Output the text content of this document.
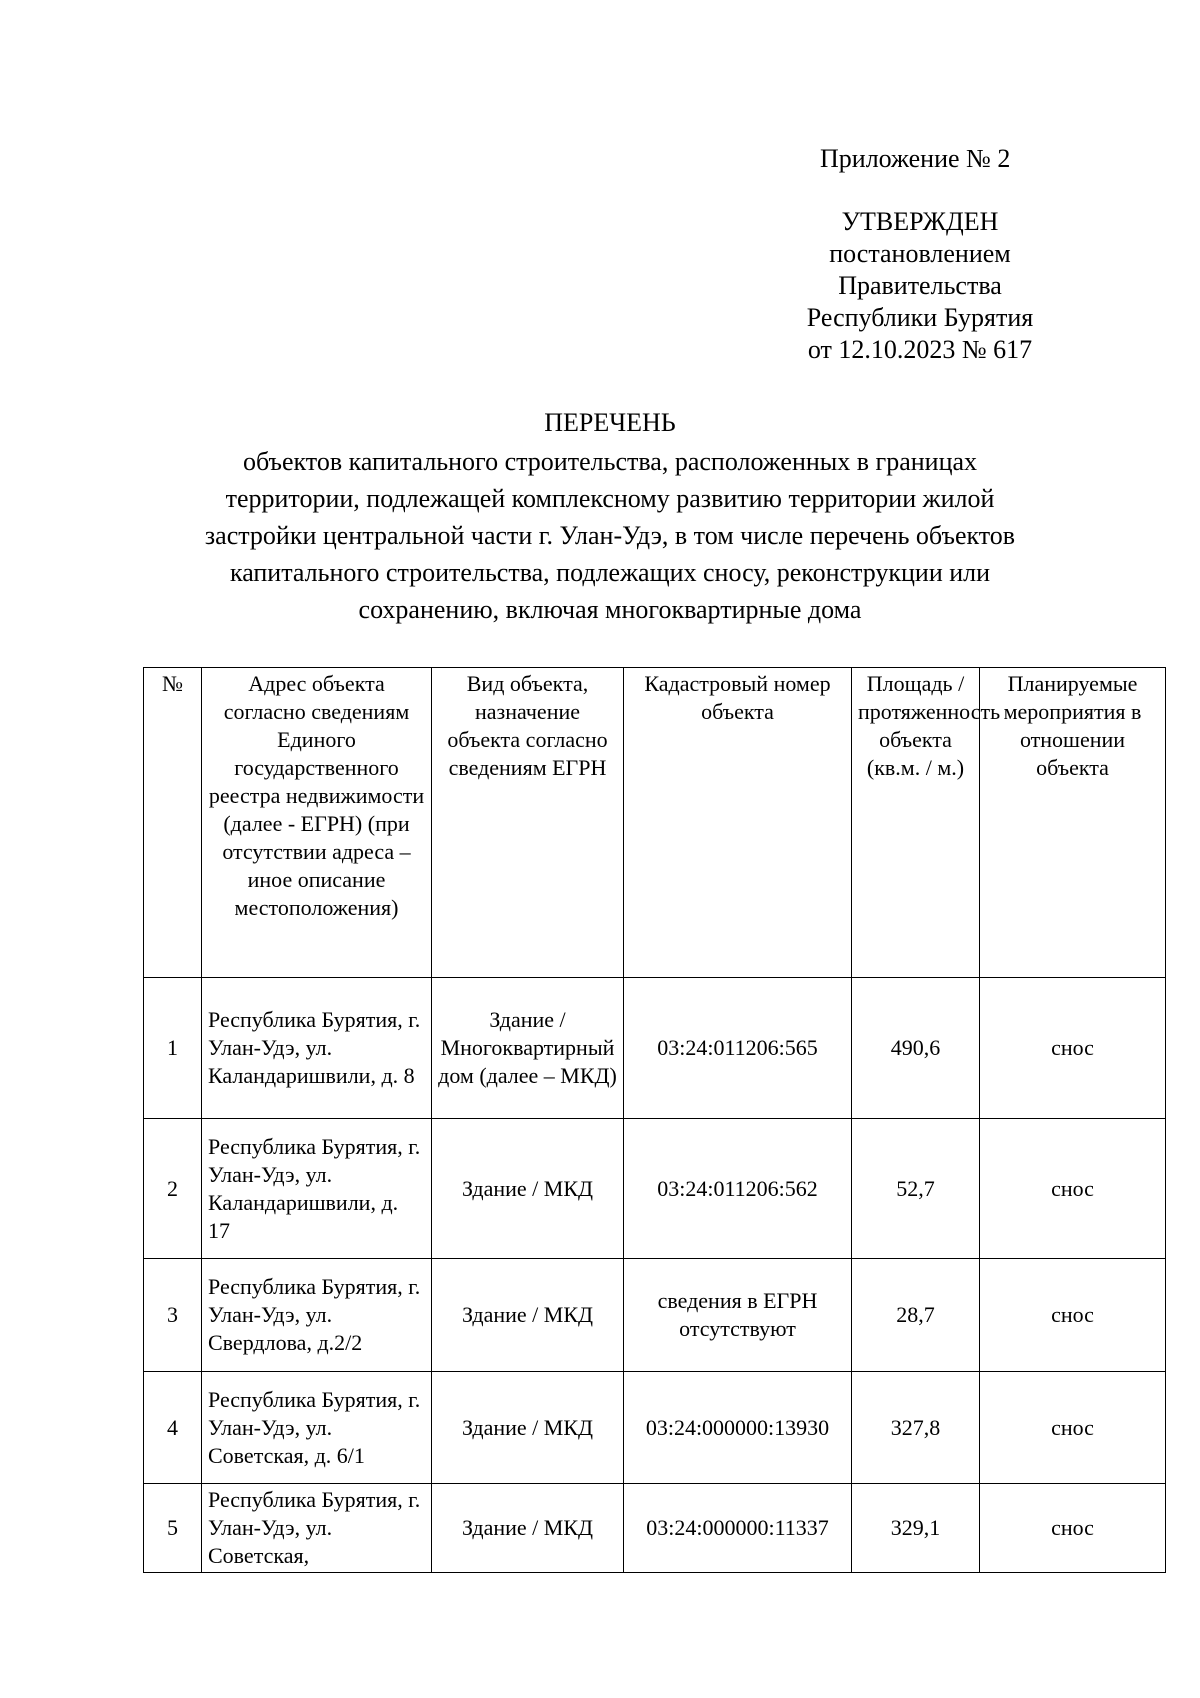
Приложение № 2
УТВЕРЖДЕН
постановлением
Правительства
Республики Бурятия
от 12.10.2023 № 617
ПЕРЕЧЕНЬ
объектов капитального строительства, расположенных в границах
территории, подлежащей комплексному развитию территории жилой
застройки центральной части г. Улан-Удэ, в том числе перечень объектов
капитального строительства, подлежащих сносу, реконструкции или
сохранению, включая многоквартирные дома
№	Адрес объекта согласно сведениям Единого государственного реестра недвижимости (далее - ЕГРН) (при отсутствии адреса – иное описание местоположения)	Вид объекта, назначение объекта согласно сведениям ЕГРН	Кадастровый номер объекта	Площадь / протяженность объекта (кв.м. / м.)	Планируемые мероприятия в отношении объекта
1	Республика Бурятия, г. Улан-Удэ, ул. Каландаришвили, д. 8	Здание / Многоквартирный дом (далее – МКД)	03:24:011206:565	490,6	снос
2	Республика Бурятия, г. Улан-Удэ, ул. Каландаришвили, д. 17	Здание / МКД	03:24:011206:562	52,7	снос
3	Республика Бурятия, г. Улан-Удэ, ул. Свердлова, д.2/2	Здание / МКД	сведения в ЕГРН отсутствуют	28,7	снос
4	Республика Бурятия, г. Улан-Удэ, ул. Советская, д. 6/1	Здание / МКД	03:24:000000:13930	327,8	снос
5	Республика Бурятия, г. Улан-Удэ, ул. Советская,	Здание / МКД	03:24:000000:11337	329,1	снос
